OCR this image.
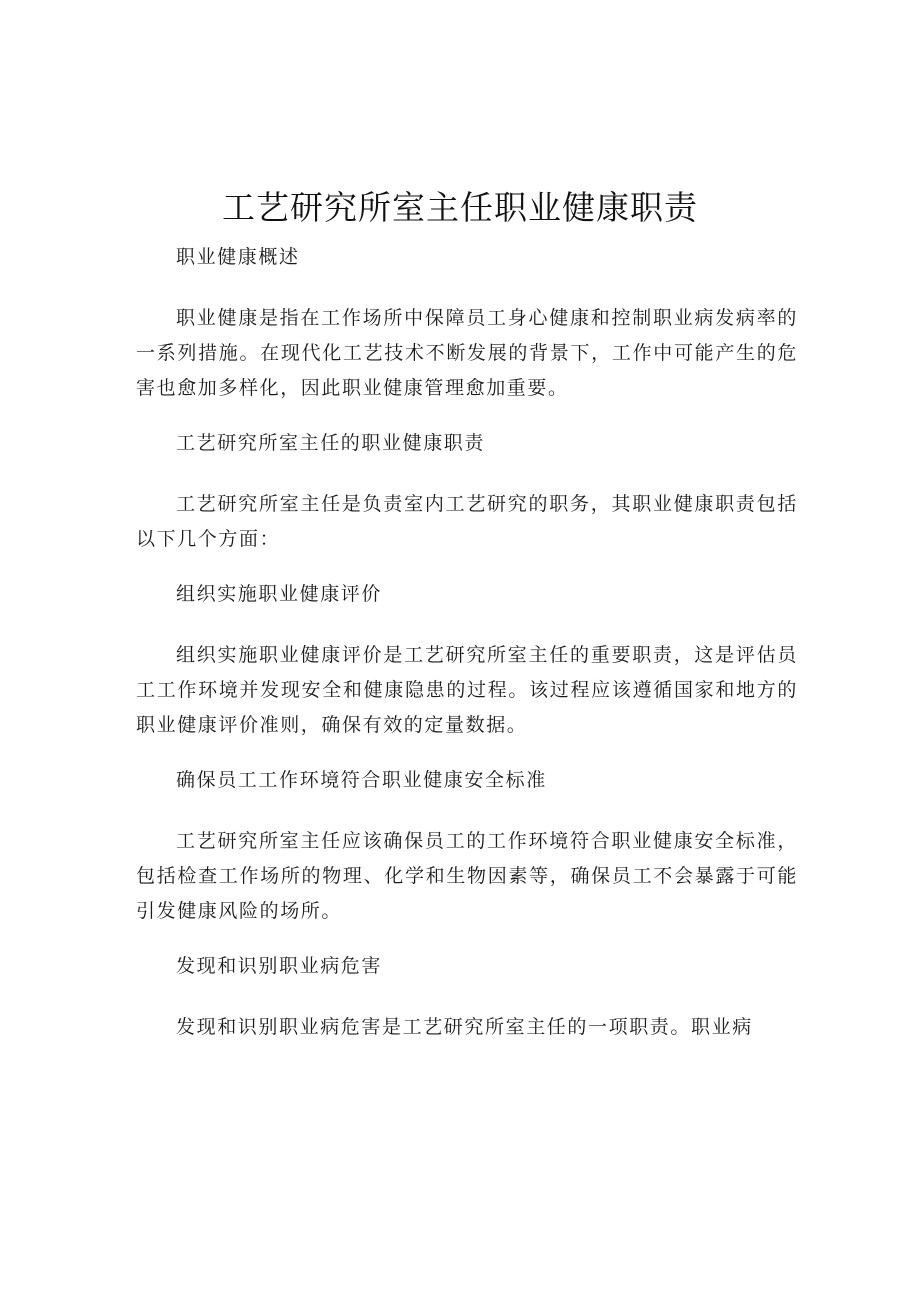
工艺研究所室主任职业健康职责

职业健康概述

职业健康是指在工作场所中保障员工身心健康和控制职业病发病率的一系列措施。在现代化工艺技术不断发展的背景下，工作中可能产生的危害也愈加多样化，因此职业健康管理愈加重要。

工艺研究所室主任的职业健康职责

工艺研究所室主任是负责室内工艺研究的职务，其职业健康职责包括以下几个方面：

组织实施职业健康评价

组织实施职业健康评价是工艺研究所室主任的重要职责，这是评估员工工作环境并发现安全和健康隐患的过程。该过程应该遵循国家和地方的职业健康评价准则，确保有效的定量数据。

确保员工工作环境符合职业健康安全标准

工艺研究所室主任应该确保员工的工作环境符合职业健康安全标准，包括检查工作场所的物理、化学和生物因素等，确保员工不会暴露于可能引发健康风险的场所。

发现和识别职业病危害

发现和识别职业病危害是工艺研究所室主任的一项职责。职业病
